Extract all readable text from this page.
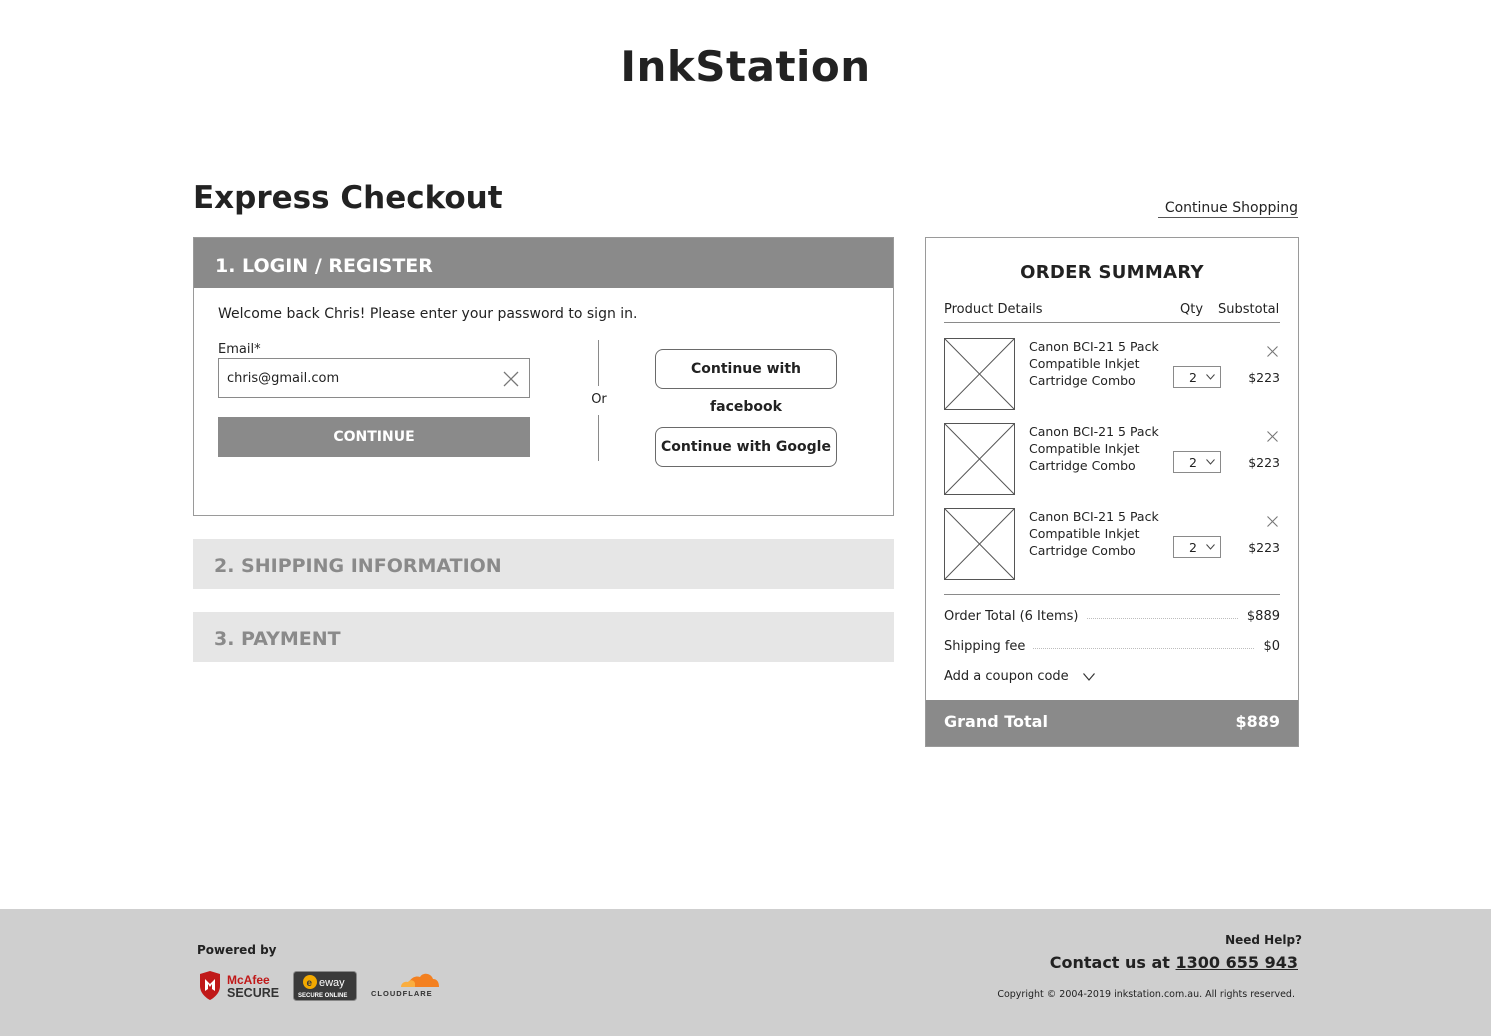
InkStation
Express Checkout	Continue Shopping
1. LOGIN / REGISTER
Welcome back Chris! Please enter your password to sign in.
Email*
chris@gmail.com
CONTINUE
Or
Continue with facebook
Continue with Google
2. SHIPPING INFORMATION
3. PAYMENT
ORDER SUMMARY
Product Details	Qty Substotal
Canon BCI-21 5 Pack Compatible Inkjet Cartridge Combo	2	$223
Canon BCI-21 5 Pack Compatible Inkjet Cartridge Combo	2	$223
Canon BCI-21 5 Pack Compatible Inkjet Cartridge Combo	2	$223
Order Total (6 Items)	$889
Shipping fee	$0
Add a coupon code
Grand Total	$889
Powered by
McAfee
SECURE
e eway
SECURE ONLINE	CLOUDFLARE
Need Help?
Contact us at 1300 655 943
Copyright © 2004-2019 inkstation.com.au. All rights reserved.
